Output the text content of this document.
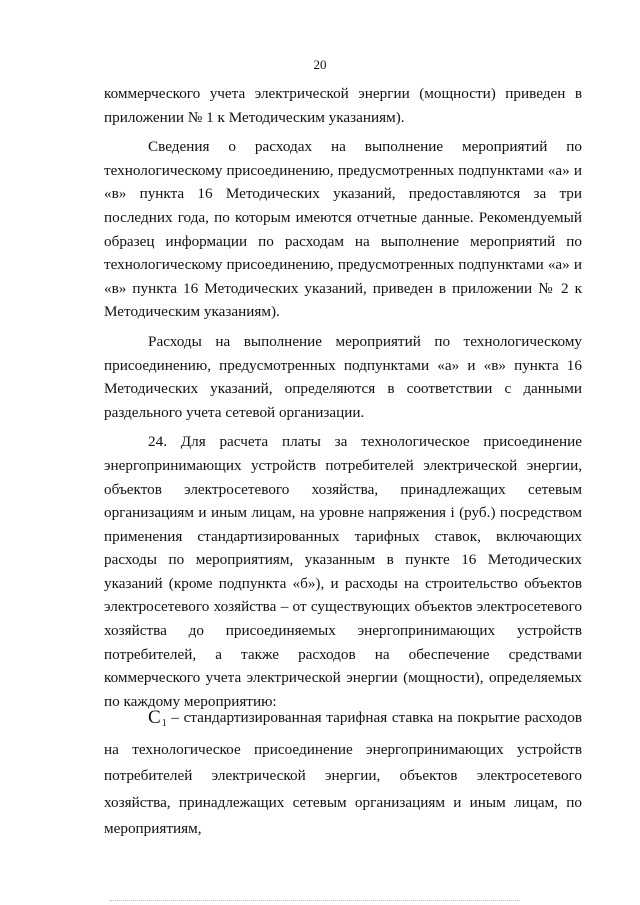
20

коммерческого учета электрической энергии (мощности) приведен в приложении № 1 к Методическим указаниям).

Сведения о расходах на выполнение мероприятий по технологическому присоединению, предусмотренных подпунктами «а» и «в» пункта 16 Методических указаний, предоставляются за три последних года, по которым имеются отчетные данные. Рекомендуемый образец информации по расходам на выполнение мероприятий по технологическому присоединению, предусмотренных подпунктами «а» и «в» пункта 16 Методических указаний, приведен в приложении № 2 к Методическим указаниям).

Расходы на выполнение мероприятий по технологическому присоединению, предусмотренных подпунктами «а» и «в» пункта 16 Методических указаний, определяются в соответствии с данными раздельного учета сетевой организации.

24. Для расчета платы за технологическое присоединение энергопринимающих устройств потребителей электрической энергии, объектов электросетевого хозяйства, принадлежащих сетевым организациям и иным лицам, на уровне напряжения i (руб.) посредством применения стандартизированных тарифных ставок, включающих расходы по мероприятиям, указанным в пункте 16 Методических указаний (кроме подпункта «б»), и расходы на строительство объектов электросетевого хозяйства – от существующих объектов электросетевого хозяйства до присоединяемых энергопринимающих устройств потребителей, а также расходов на обеспечение средствами коммерческого учета электрической энергии (мощности), определяемых по каждому мероприятию:

$C_1$ – стандартизированная тарифная ставка на покрытие расходов на технологическое присоединение энергопринимающих устройств потребителей электрической энергии, объектов электросетевого хозяйства, принадлежащих сетевым организациям и иным лицам, по мероприятиям,
